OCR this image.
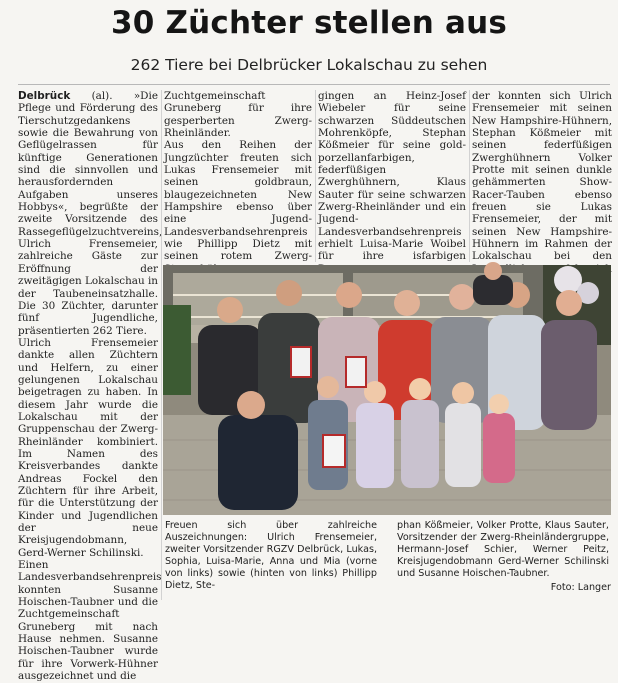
30 Züchter stellen aus
262 Tiere bei Delbrücker Lokalschau zu sehen

Delbrück (al). »Die Pflege und Förderung des Tierschutzgedankens sowie die Bewahrung von Geflügelrassen für künftige Generationen sind die sinnvollen und herausfordernden Aufgaben unseres Hobbys«, begrüßte der zweite Vorsitzende des Rassegeflügelzuchtvereins, Ulrich Frensemeier, zahlreiche Gäste zur Eröffnung der zweitägigen Lokalschau in der Taubeneinsatzhalle. Die 30 Züchter, darunter fünf Jugendliche, präsentierten 262 Tiere.

Ulrich Frensemeier dankte allen Züchtern und Helfern, zu einer gelungenen Lokalschau beigetragen zu haben. In diesem Jahr wurde die Lokalschau mit der Gruppenschau der Zwerg-Rheinländer kombiniert. Im Namen des Kreisverbandes dankte Andreas Fockel den Züchtern für ihre Arbeit, für die Unterstützung der Kinder und Jugendlichen der neue Kreisjugendobmann, Gerd-Werner Schilinski.

Einen Landesverbandsehrenpreis konnten Susanne Hoischen-Taubner und die Zuchtgemeinschaft Gruneberg mit nach Hause nehmen. Susanne Hoischen-Taubner wurde für ihre Vorwerk-Hühner ausgezeichnet und die

Zuchtgemeinschaft Gruneberg für ihre gesperberten Zwerg-Rheinländer.

Aus den Reihen der Jungzüchter freuten sich Lukas Frensemeier mit seinen goldbraun, blaugezeichneten New Hampshire ebenso über eine Jugend-Landesverbandsehrenpreis wie Phillipp Dietz mit seinen rotem Zwerg-

gingen an Heinz-Josef Wiebeler für seine schwarzen Süddeutschen Mohrenköpfe, Stephan Kößmeier für seine gold-porzellanfarbigen, federfüßigen Zwerghühnern, Klaus Sauter für seine schwarzen Zwerg-Rheinländer und ein Jugend-Landesverbandsehrenpreis erhielt Luisa-Marie Woibel für ihre isfarbigen

der konnten sich Ulrich Frensemeier mit seinen New Hampshire-Hühnern, Stephan Kößmeier mit seinen federfüßigen Zwerghühnern Volker Protte mit seinen dunkle gehämmerten Show-Racer-Tauben ebenso freuen sie Lukas Frensemeier, der mit seinen New Hampshire-Hühnern im Rahmen der Lokalschau bei den

Freuen sich über zahlreiche Auszeichnungen: Ulrich Frensemeier, zweiter Vorsitzender RGZV Delbrück, Lukas, Sophia, Luisa-Marie, Anna und Mia (vorne von links) sowie (hinten von links) Phillipp Dietz, Ste-

phan Kößmeier, Volker Protte, Klaus Sauter, Vorsitzender der Zwerg-Rheinländergruppe, Hermann-Josef Schier, Werner Peitz, Kreisjugendobmann Gerd-Werner Schilinski und Susanne Hoischen-Taubner.

Foto: Langer
